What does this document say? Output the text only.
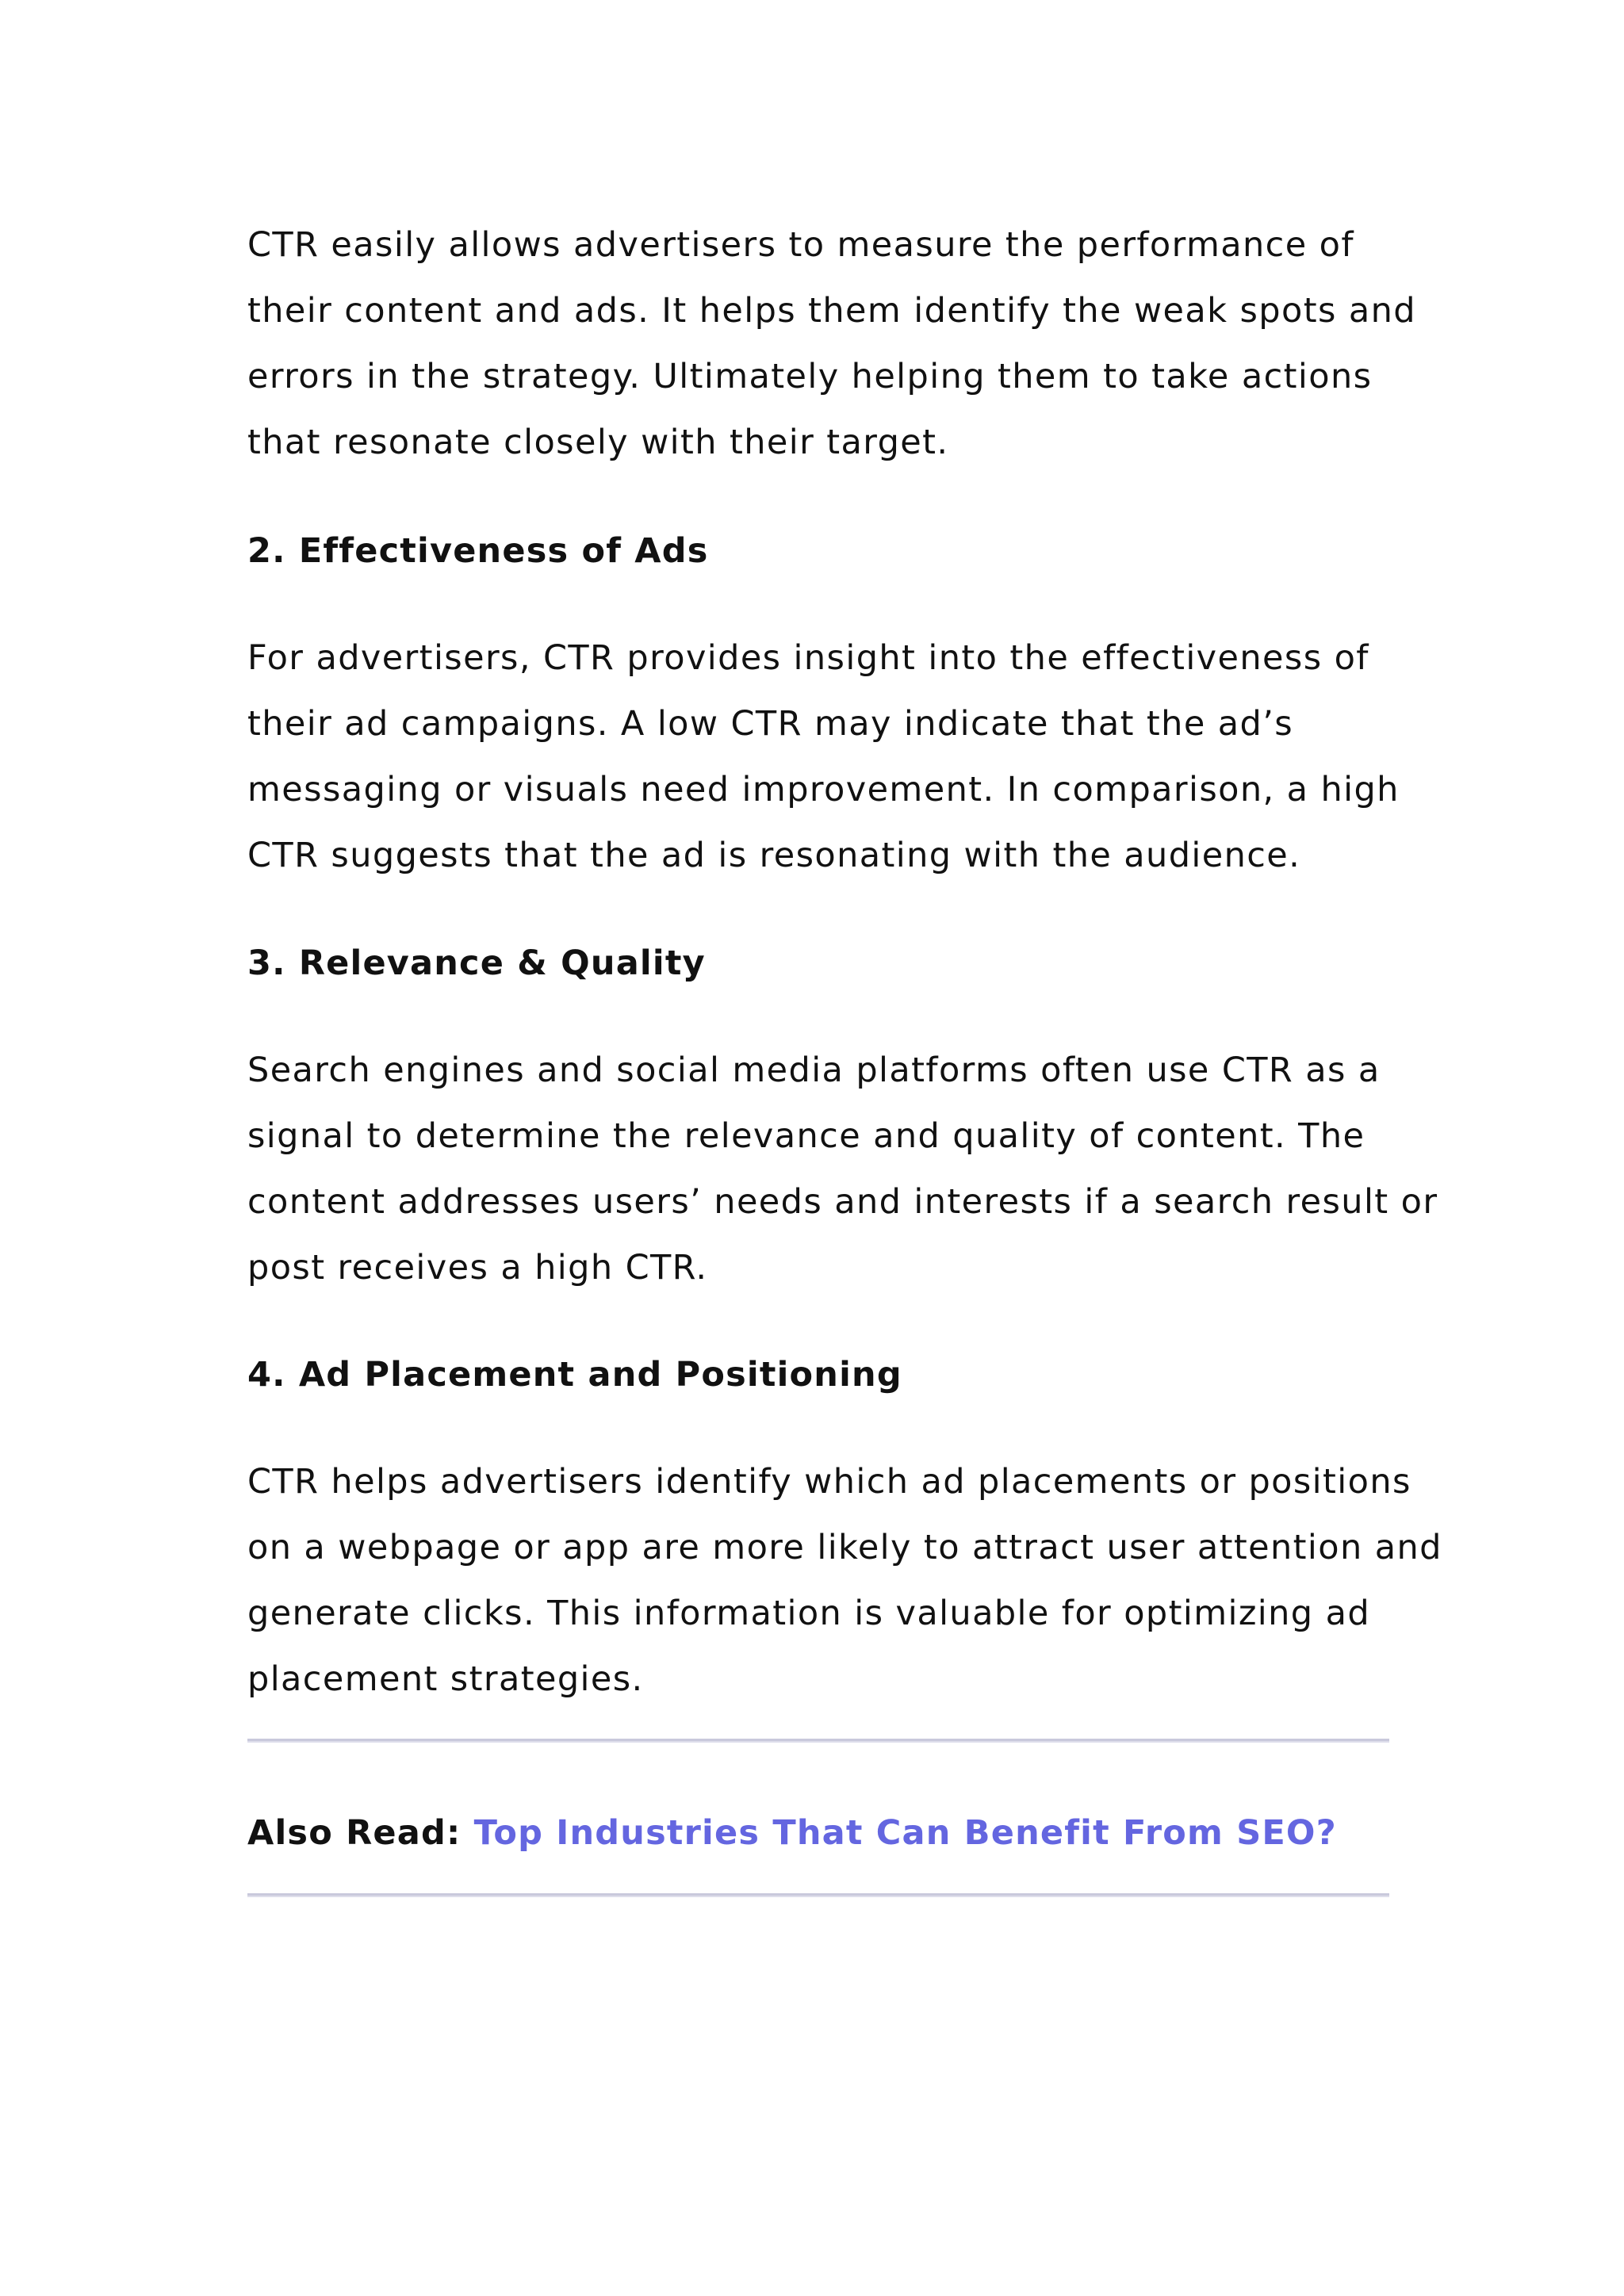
CTR easily allows advertisers to measure the performance of
their content and ads. It helps them identify the weak spots and
errors in the strategy. Ultimately helping them to take actions
that resonate closely with their target.

2. Effectiveness of Ads

For advertisers, CTR provides insight into the effectiveness of
their ad campaigns. A low CTR may indicate that the ad’s
messaging or visuals need improvement. In comparison, a high
CTR suggests that the ad is resonating with the audience.

3. Relevance & Quality

Search engines and social media platforms often use CTR as a
signal to determine the relevance and quality of content. The
content addresses users’ needs and interests if a search result or
post receives a high CTR.

4. Ad Placement and Positioning

CTR helps advertisers identify which ad placements or positions
on a webpage or app are more likely to attract user attention and
generate clicks. This information is valuable for optimizing ad
placement strategies.

Also Read: Top Industries That Can Benefit From SEO?
